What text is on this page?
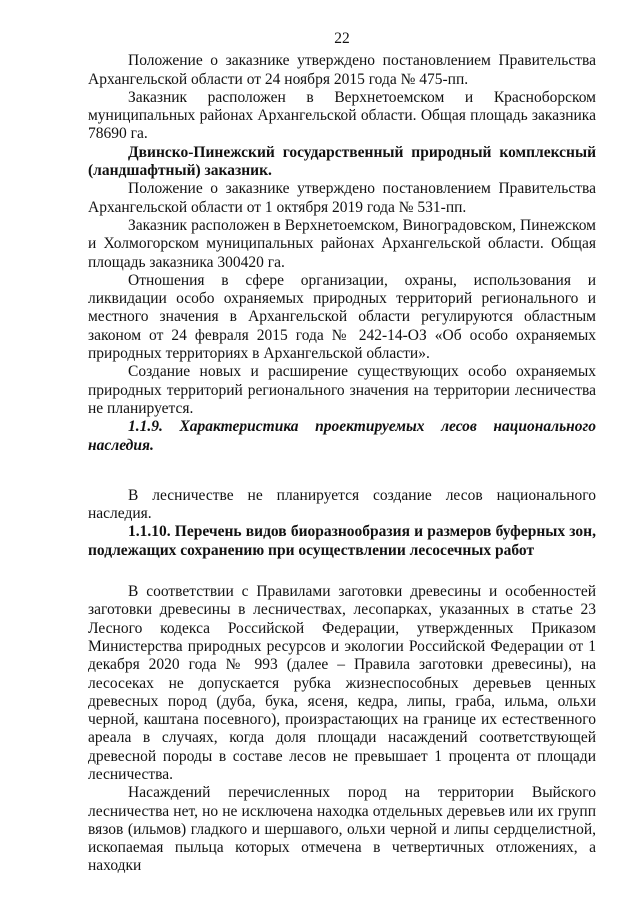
22

Положение о заказнике утверждено постановлением Правительства Архангельской области от 24 ноября 2015 года № 475-пп.

Заказник расположен в Верхнетоемском и Красноборском муниципальных районах Архангельской области. Общая площадь заказника 78690 га.

Двинско-Пинежский государственный природный комплексный (ландшафтный) заказник.

Положение о заказнике утверждено постановлением Правительства Архангельской области от 1 октября 2019 года № 531-пп.

Заказник расположен в Верхнетоемском, Виноградовском, Пинежском и Холмогорском муниципальных районах Архангельской области. Общая площадь заказника 300420 га.

Отношения в сфере организации, охраны, использования и ликвидации особо охраняемых природных территорий регионального и местного значения в Архангельской области регулируются областным законом от 24 февраля 2015 года № 242-14-ОЗ «Об особо охраняемых природных территориях в Архангельской области».

Создание новых и расширение существующих особо охраняемых природных территорий регионального значения на территории лесничества не планируется.

1.1.9. Характеристика проектируемых лесов национального наследия.

В лесничестве не планируется создание лесов национального наследия.

1.1.10. Перечень видов биоразнообразия и размеров буферных зон, подлежащих сохранению при осуществлении лесосечных работ

В соответствии с Правилами заготовки древесины и особенностей заготовки древесины в лесничествах, лесопарках, указанных в статье 23 Лесного кодекса Российской Федерации, утвержденных Приказом Министерства природных ресурсов и экологии Российской Федерации от 1 декабря 2020 года № 993 (далее – Правила заготовки древесины), на лесосеках не допускается рубка жизнеспособных деревьев ценных древесных пород (дуба, бука, ясеня, кедра, липы, граба, ильма, ольхи черной, каштана посевного), произрастающих на границе их естественного ареала в случаях, когда доля площади насаждений соответствующей древесной породы в составе лесов не превышает 1 процента от площади лесничества.

Насаждений перечисленных пород на территории Выйского лесничества нет, но не исключена находка отдельных деревьев или их групп вязов (ильмов) гладкого и шершавого, ольхи черной и липы сердцелистной, ископаемая пыльца которых отмечена в четвертичных отложениях, а находки
